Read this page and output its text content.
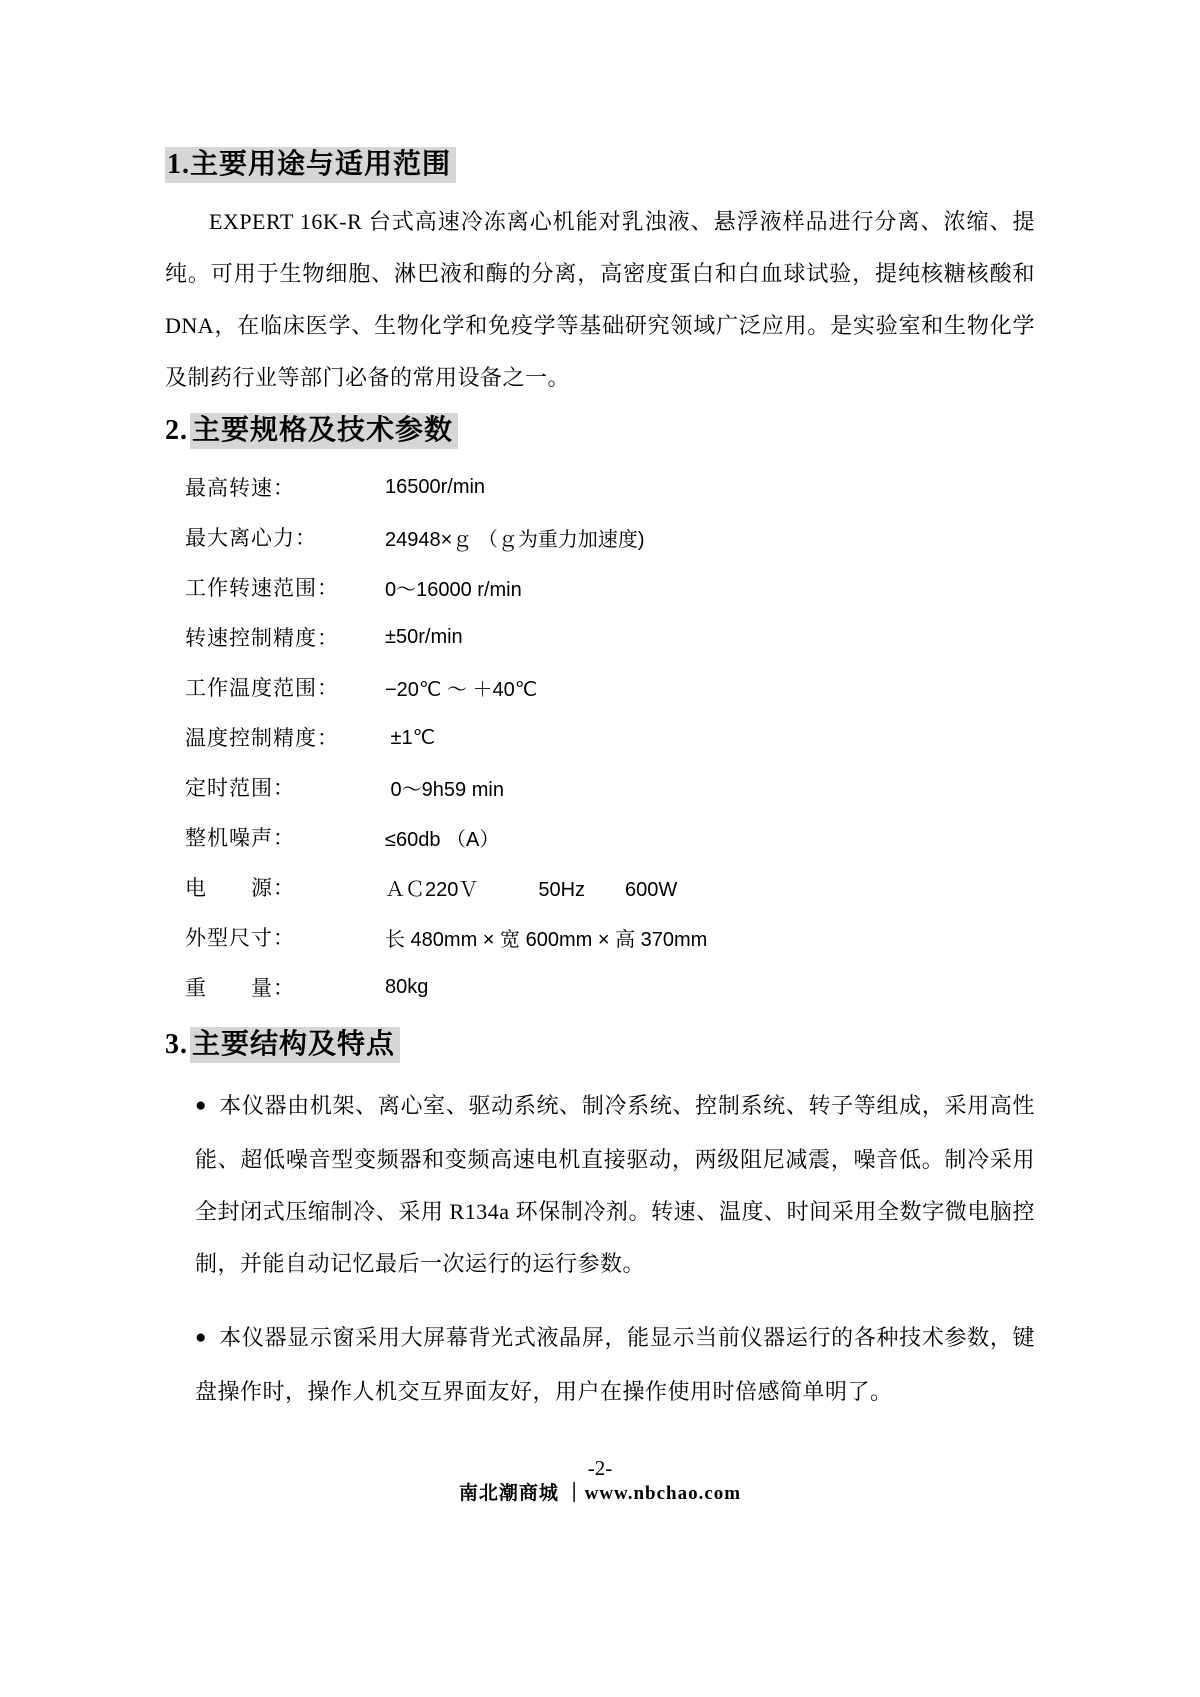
1.主要用途与适用范围

EXPERT 16K-R 台式高速冷冻离心机能对乳浊液、悬浮液样品进行分离、浓缩、提纯。可用于生物细胞、淋巴液和酶的分离，高密度蛋白和白血球试验，提纯核糖核酸和 DNA，在临床医学、生物化学和免疫学等基础研究领域广泛应用。是实验室和生物化学及制药行业等部门必备的常用设备之一。

2. 主要规格及技术参数
最高转速：	16500r/min
最大离心力：	24948×ｇ （ｇ为重力加速度)
工作转速范围：	0～16000 r/min
转速控制精度：	±50r/min
工作温度范围：	−20℃ ～ ＋40℃
温度控制精度：	±1℃
定时范围：	0～9h59 min
整机噪声：	≤60db （A）
电　　源：	ＡＣ220Ｖ　　　50Hz　　600W
外型尺寸：	长 480mm × 宽 600mm × 高 370mm
重　　量：	80kg
3. 主要结构及特点

● 本仪器由机架、离心室、驱动系统、制冷系统、控制系统、转子等组成，采用高性能、超低噪音型变频器和变频高速电机直接驱动，两级阻尼减震，噪音低。制冷采用全封闭式压缩制冷、采用 R134a 环保制冷剂。转速、温度、时间采用全数字微电脑控制，并能自动记忆最后一次运行的运行参数。

● 本仪器显示窗采用大屏幕背光式液晶屏，能显示当前仪器运行的各种技术参数，键盘操作时，操作人机交互界面友好，用户在操作使用时倍感简单明了。

-2-
南北潮商城 ｜www.nbchao.com
